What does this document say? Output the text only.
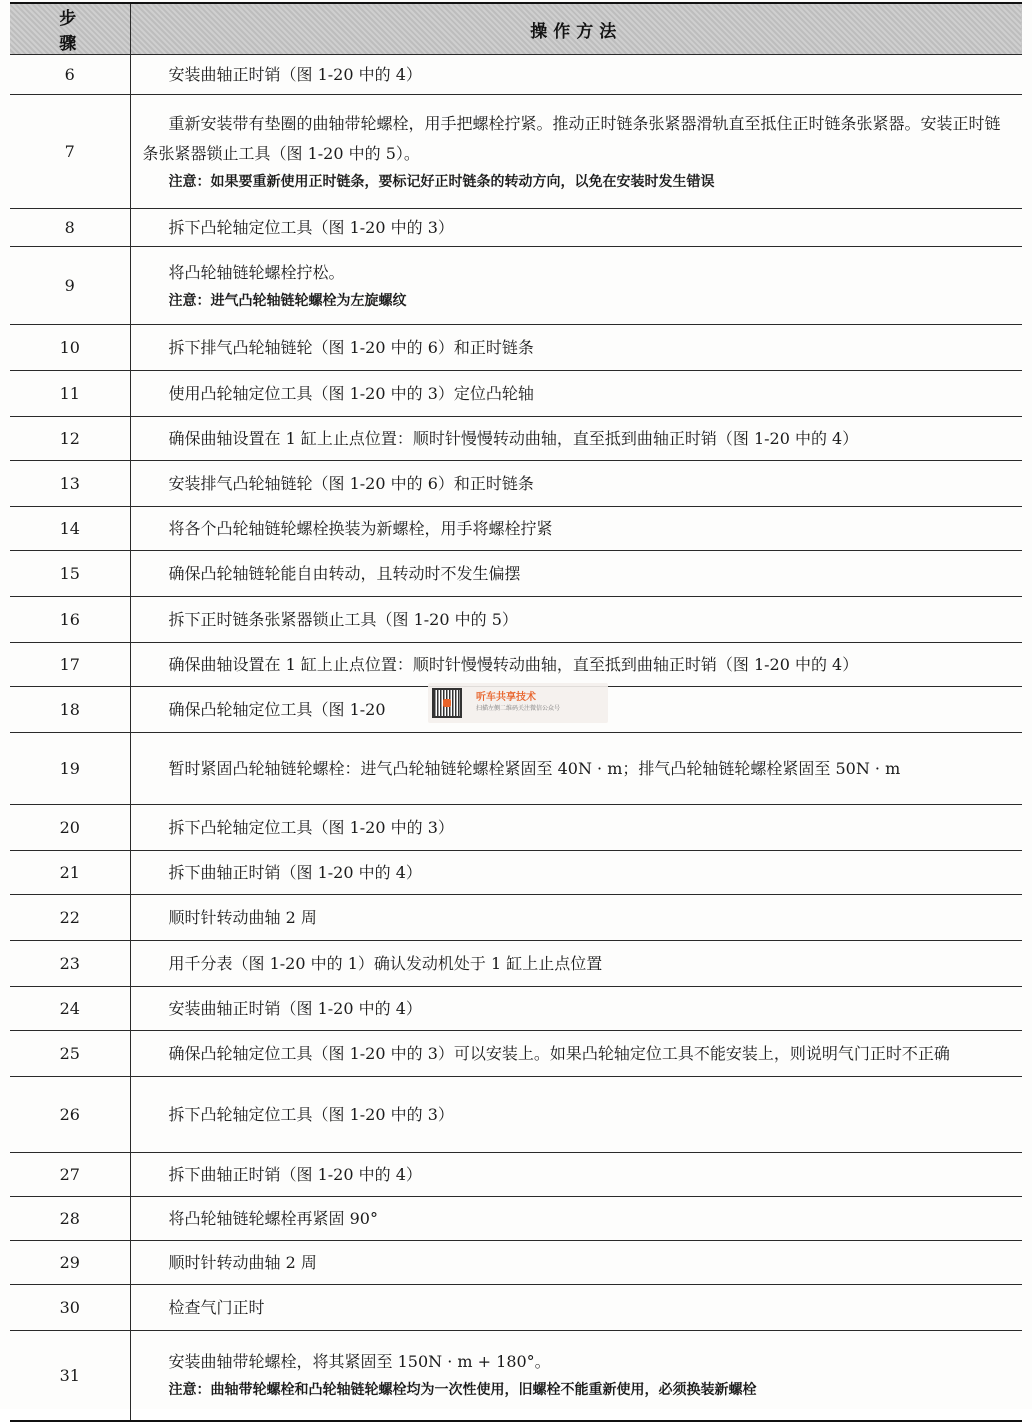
步骤	操作方法
6	安装曲轴正时销（图 1-20 中的 4）

7	重新安装带有垫圈的曲轴带轮螺栓，用手把螺栓拧紧。推动正时链条张紧器滑轨直至抵住正时链条张紧器。安装正时链条张紧器锁止工具（图 1-20 中的 5）。
注意：如果要重新使用正时链条，要标记好正时链条的转动方向，以免在安装时发生错误

8	拆下凸轮轴定位工具（图 1-20 中的 3）

9	将凸轮轴链轮螺栓拧松。
注意：进气凸轮轴链轮螺栓为左旋螺纹

10	拆下排气凸轮轴链轮（图 1-20 中的 6）和正时链条

11	使用凸轮轴定位工具（图 1-20 中的 3）定位凸轮轴

12	确保曲轴设置在 1 缸上止点位置：顺时针慢慢转动曲轴，直至抵到曲轴正时销（图 1-20 中的 4）

13	安装排气凸轮轴链轮（图 1-20 中的 6）和正时链条

14	将各个凸轮轴链轮螺栓换装为新螺栓，用手将螺栓拧紧

15	确保凸轮轴链轮能自由转动，且转动时不发生偏摆

16	拆下正时链条张紧器锁止工具（图 1-20 中的 5）

17	确保曲轴设置在 1 缸上止点位置：顺时针慢慢转动曲轴，直至抵到曲轴正时销（图 1-20 中的 4）

18	确保凸轮轴定位工具（图 1-20

19	暂时紧固凸轮轴链轮螺栓：进气凸轮轴链轮螺栓紧固至 40N · m；排气凸轮轴链轮螺栓紧固至 50N · m

20	拆下凸轮轴定位工具（图 1-20 中的 3）

21	拆下曲轴正时销（图 1-20 中的 4）

22	顺时针转动曲轴 2 周

23	用千分表（图 1-20 中的 1）确认发动机处于 1 缸上止点位置

24	安装曲轴正时销（图 1-20 中的 4）

25	确保凸轮轴定位工具（图 1-20 中的 3）可以安装上。如果凸轮轴定位工具不能安装上，则说明气门正时不正确

26	拆下凸轮轴定位工具（图 1-20 中的 3）

27	拆下曲轴正时销（图 1-20 中的 4）

28	将凸轮轴链轮螺栓再紧固 90°

29	顺时针转动曲轴 2 周

30	检查气门正时

31	安装曲轴带轮螺栓，将其紧固至 150N · m + 180°。
注意：曲轴带轮螺栓和凸轮轴链轮螺栓均为一次性使用，旧螺栓不能重新使用，必须换装新螺栓
听车共享技术
扫描左侧二维码关注微信公众号
